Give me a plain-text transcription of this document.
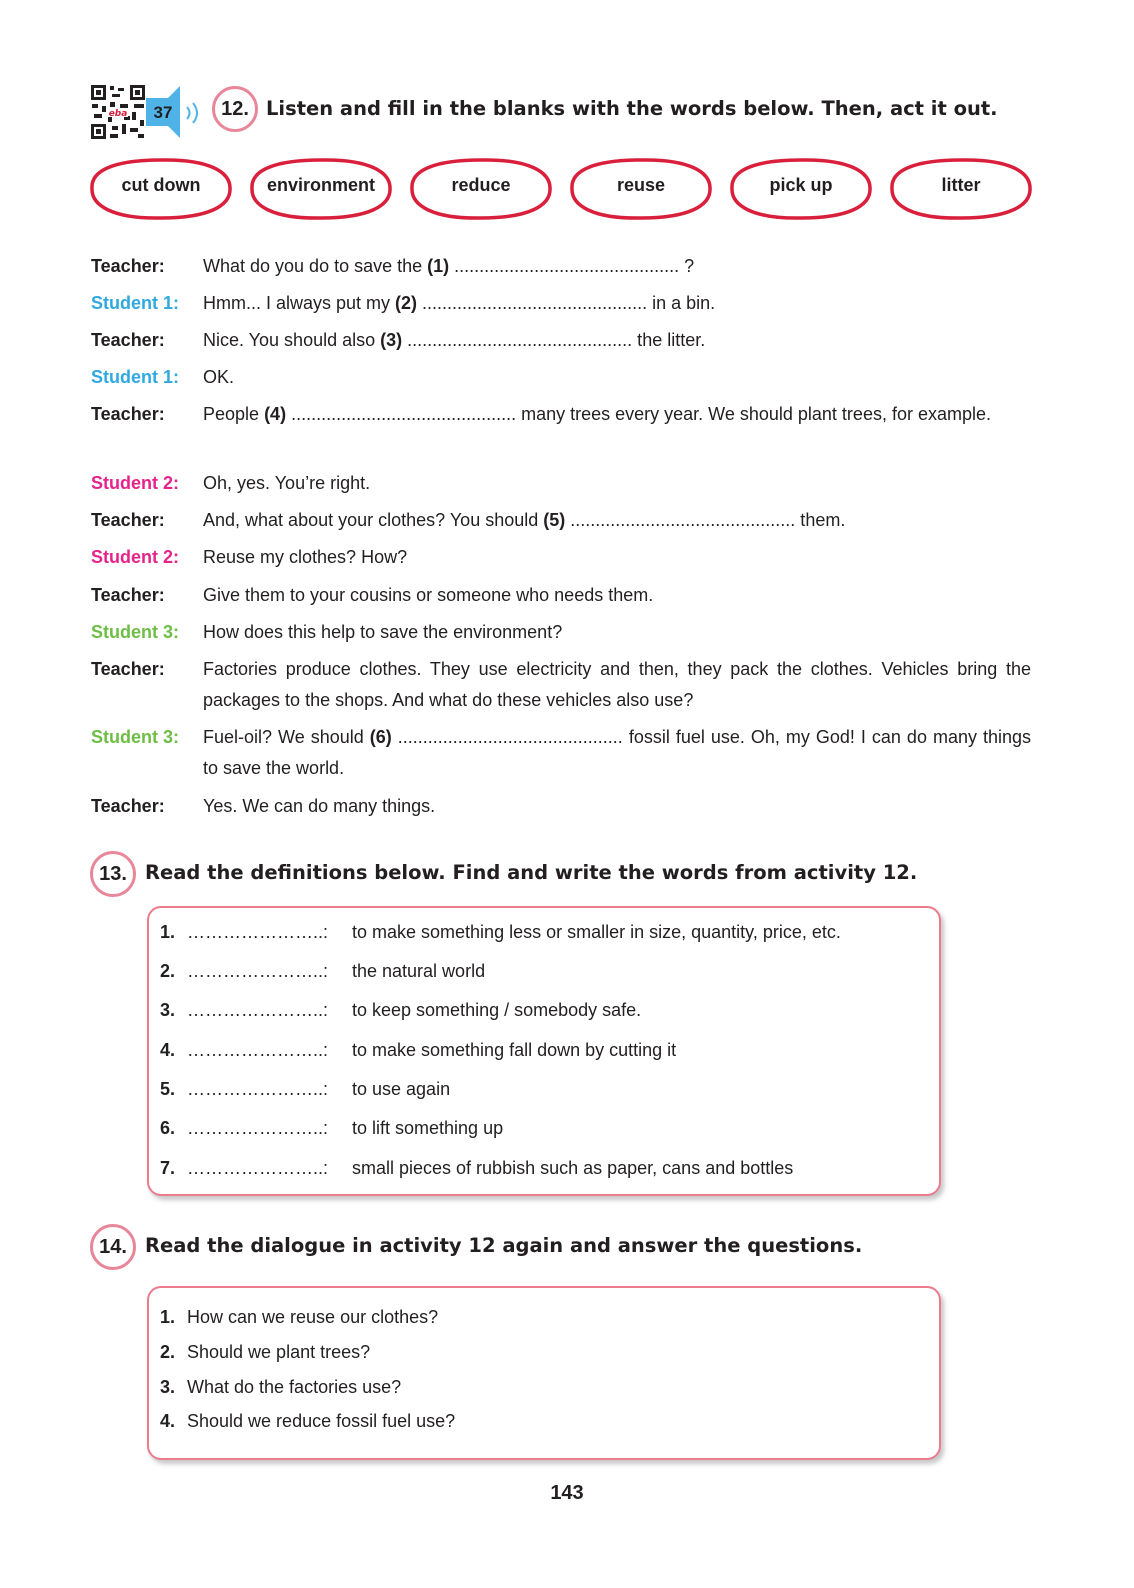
eba	37	12. Listen and fill in the blanks with the words below. Then, act it out.
cut down	environment	reduce	reuse	pick up	litter
Teacher: What do you do to save the (1) ............................................. ?
Student 1: Hmm... I always put my (2) ............................................. in a bin.
Teacher: Nice. You should also (3) ............................................. the litter.
Student 1: OK.
Teacher: People (4) ............................................. many trees every year. We should plant trees, for example.
Student 2: Oh, yes. You’re right.
Teacher: And, what about your clothes? You should (5) ............................................. them.
Student 2: Reuse my clothes? How?
Teacher: Give them to your cousins or someone who needs them.
Student 3: How does this help to save the environment?
Teacher: Factories produce clothes. They use electricity and then, they pack the clothes. Vehicles bring the packages to the shops. And what do these vehicles also use?
Student 3: Fuel-oil? We should (6) ............................................. fossil fuel use. Oh, my God! I can do many things to save the world.
Teacher: Yes. We can do many things.
13. Read the definitions below. Find and write the words from activity 12.
1. …………………..: to make something less or smaller in size, quantity, price, etc.
2. …………………..: the natural world
3. …………………..: to keep something / somebody safe.
4. …………………..: to make something fall down by cutting it
5. …………………..: to use again
6. …………………..: to lift something up
7. …………………..: small pieces of rubbish such as paper, cans and bottles
14. Read the dialogue in activity 12 again and answer the questions.
1. How can we reuse our clothes?
2. Should we plant trees?
3. What do the factories use?
4. Should we reduce fossil fuel use?
143
